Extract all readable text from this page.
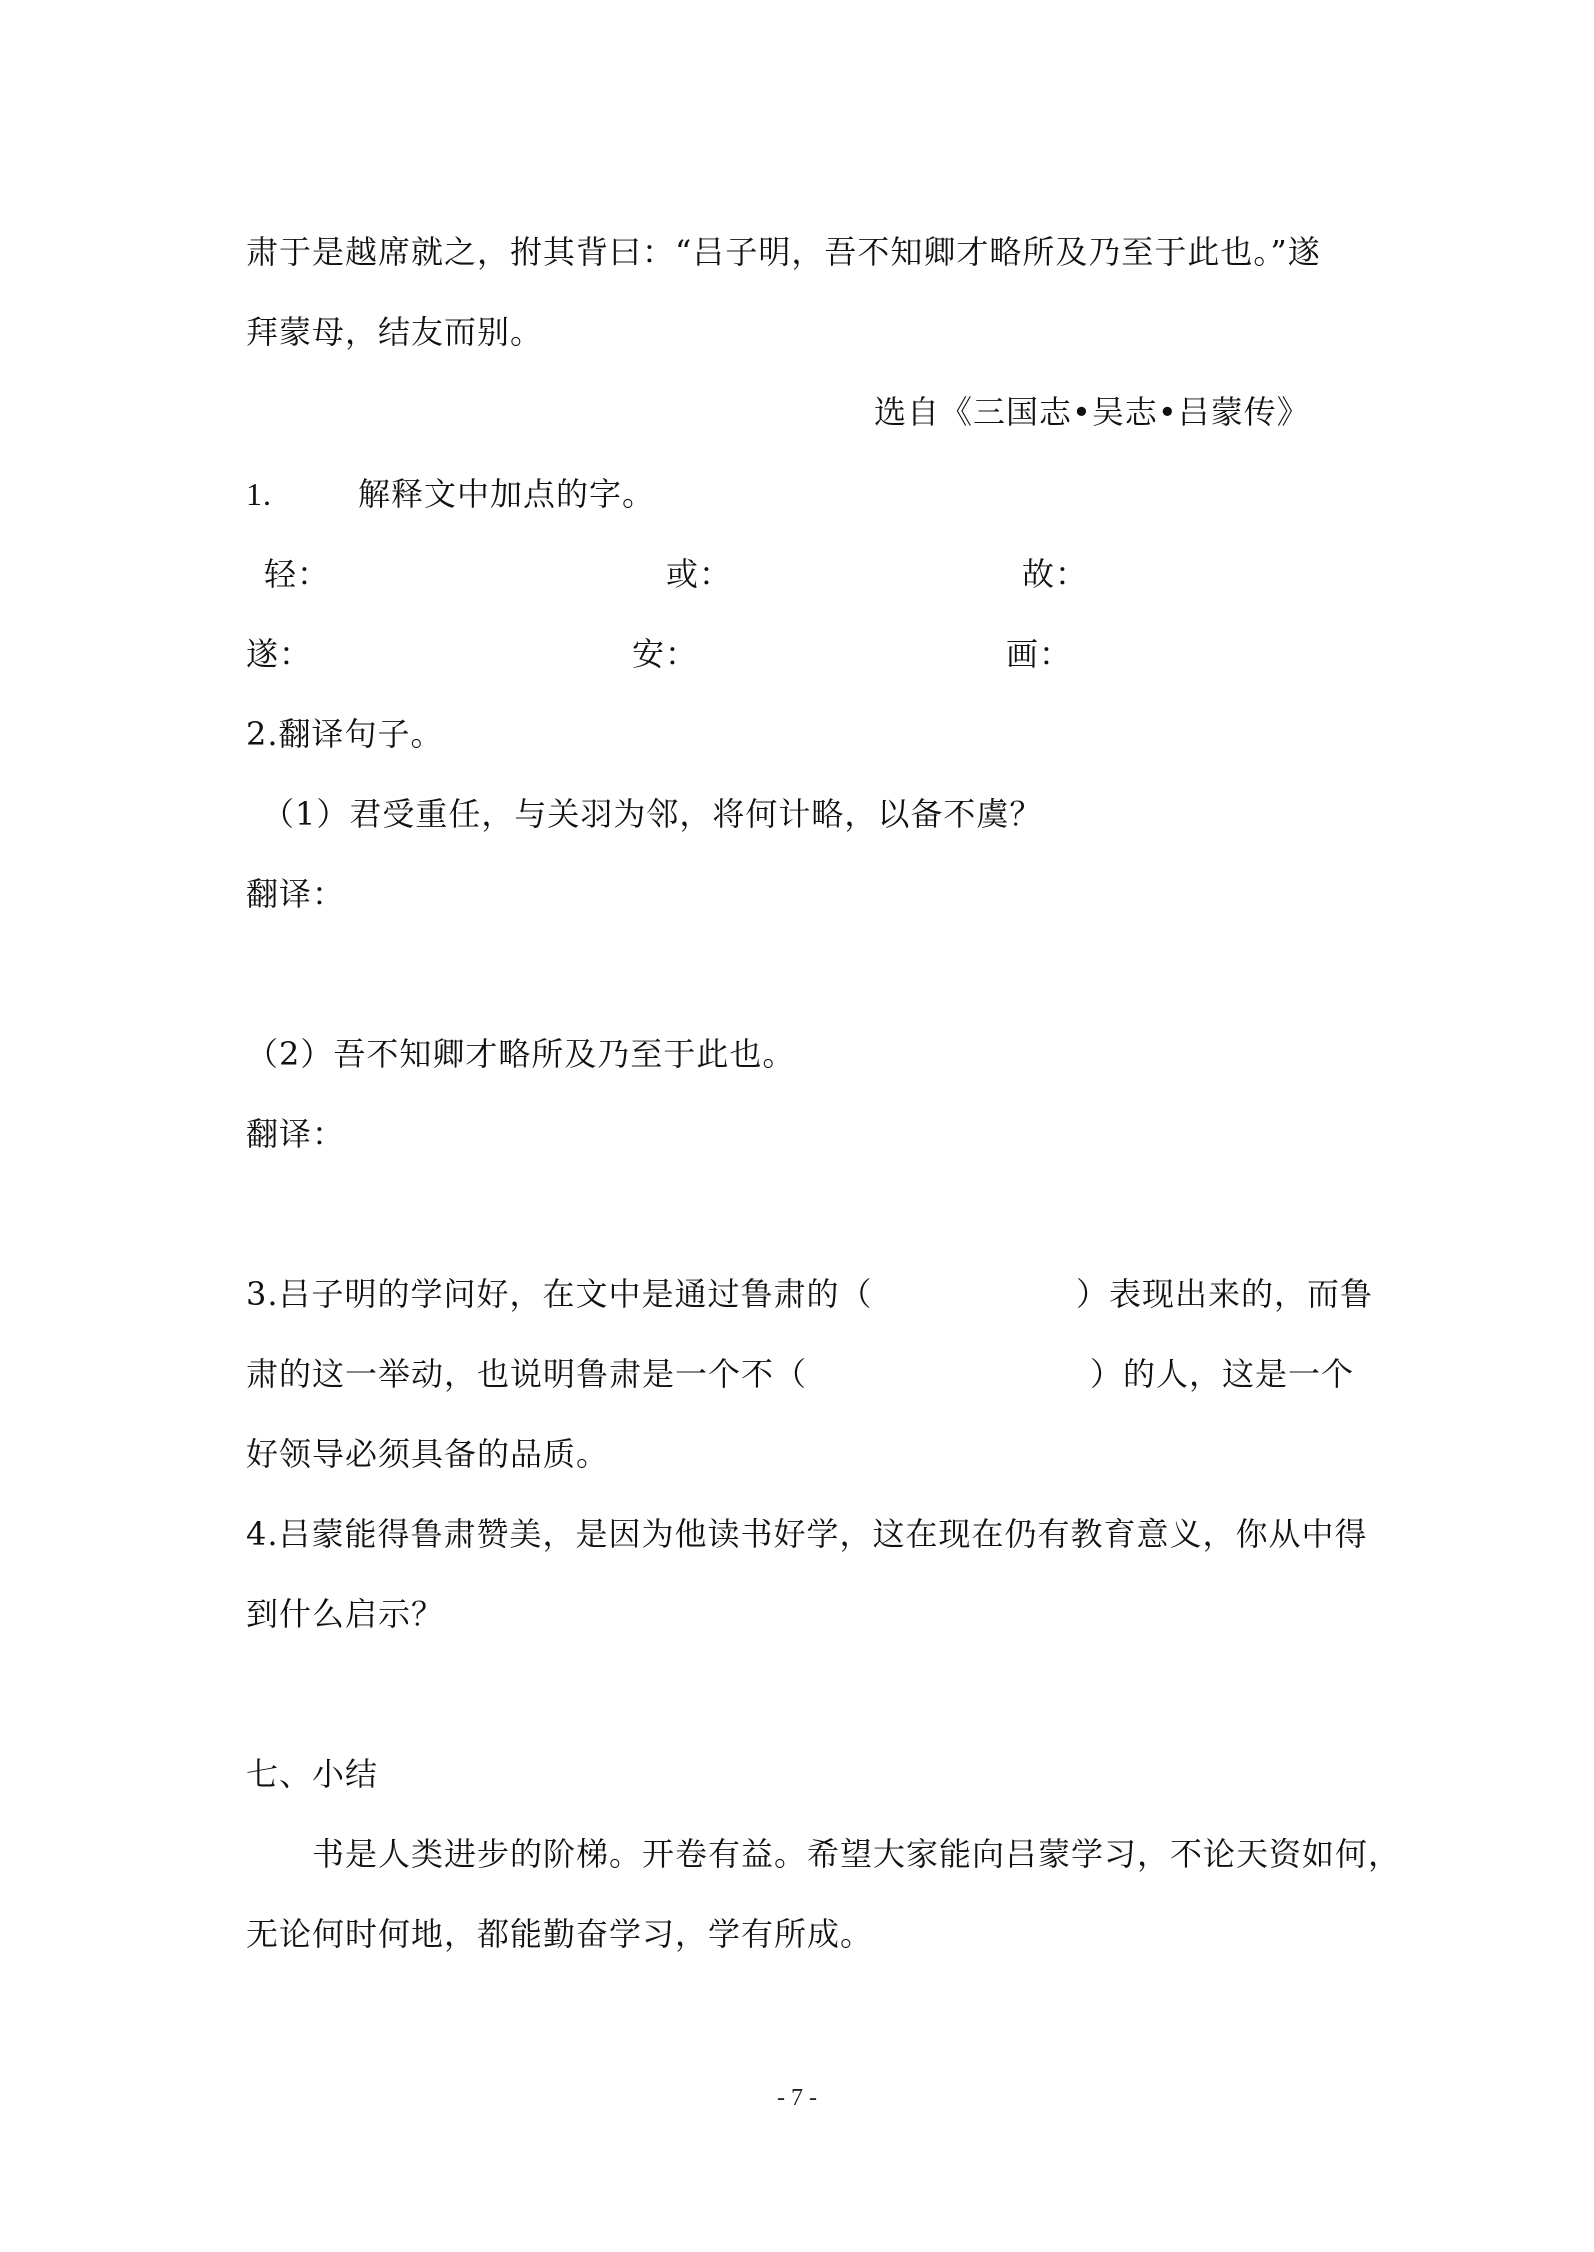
肃于是越席就之，拊其背曰：“吕子明，吾不知卿才略所及乃至于此也。”遂
拜蒙母，结友而别。
选自《三国志•吴志•吕蒙传》
1.	解释文中加点的字。
轻：	或：	故：
遂：	安：	画：
2.翻译句子。
（1）君受重任，与关羽为邻，将何计略，以备不虞？
翻译：
（2）吾不知卿才略所及乃至于此也。
翻译：
3.吕子明的学问好，在文中是通过鲁肃的（	）表现出来的，而鲁
肃的这一举动，也说明鲁肃是一个不（	）的人，这是一个
好领导必须具备的品质。
4.吕蒙能得鲁肃赞美，是因为他读书好学，这在现在仍有教育意义，你从中得
到什么启示？
七、小结
书是人类进步的阶梯。开卷有益。希望大家能向吕蒙学习，不论天资如何，
无论何时何地，都能勤奋学习，学有所成。
- 7 -
